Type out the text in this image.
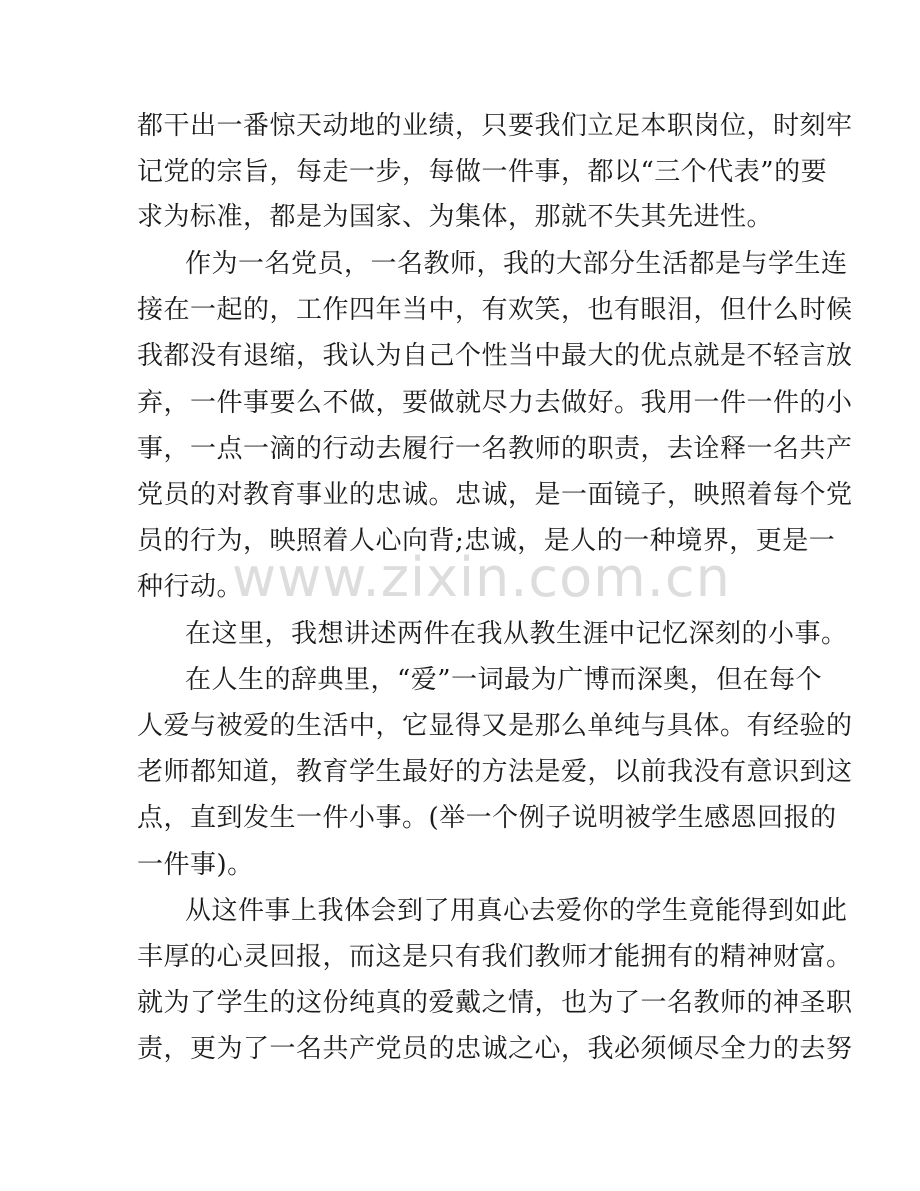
都干出一番惊天动地的业绩，只要我们立足本职岗位，时刻牢
记党的宗旨，每走一步，每做一件事，都以“三个代表”的要
求为标准，都是为国家、为集体，那就不失其先进性。
作为一名党员，一名教师，我的大部分生活都是与学生连
接在一起的，工作四年当中，有欢笑，也有眼泪，但什么时候
我都没有退缩，我认为自己个性当中最大的优点就是不轻言放
弃，一件事要么不做，要做就尽力去做好。我用一件一件的小
事，一点一滴的行动去履行一名教师的职责，去诠释一名共产
党员的对教育事业的忠诚。忠诚，是一面镜子，映照着每个党
员的行为，映照着人心向背;忠诚，是人的一种境界，更是一
种行动。
在这里，我想讲述两件在我从教生涯中记忆深刻的小事。
在人生的辞典里，“爱”一词最为广博而深奥，但在每个
人爱与被爱的生活中，它显得又是那么单纯与具体。有经验的
老师都知道，教育学生最好的方法是爱，以前我没有意识到这
点，直到发生一件小事。(举一个例子说明被学生感恩回报的
一件事)。
从这件事上我体会到了用真心去爱你的学生竟能得到如此
丰厚的心灵回报，而这是只有我们教师才能拥有的精神财富。
就为了学生的这份纯真的爱戴之情，也为了一名教师的神圣职
责，更为了一名共产党员的忠诚之心，我必须倾尽全力的去努
www.zixin.com.cn
